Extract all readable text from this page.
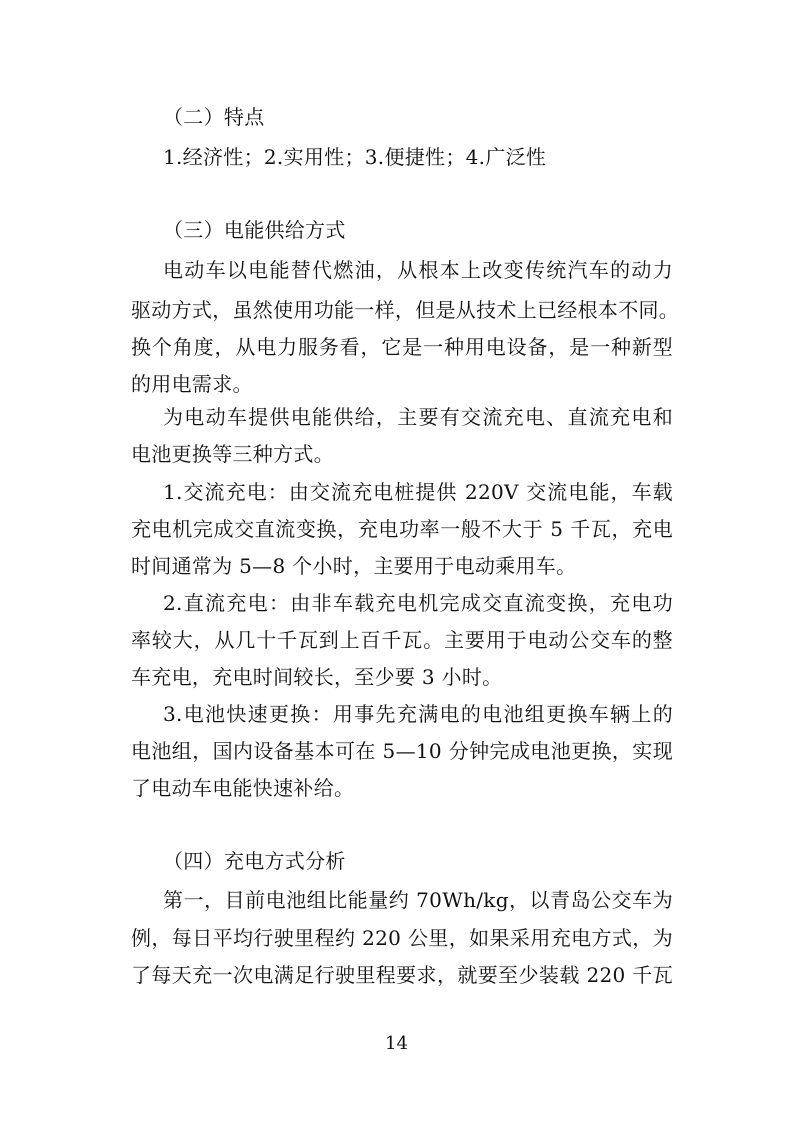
（二）特点
1.经济性；2.实用性；3.便捷性；4.广泛性
（三）电能供给方式
电动车以电能替代燃油，从根本上改变传统汽车的动力
驱动方式，虽然使用功能一样，但是从技术上已经根本不同。
换个角度，从电力服务看，它是一种用电设备，是一种新型
的用电需求。
为电动车提供电能供给，主要有交流充电、直流充电和
电池更换等三种方式。
1.交流充电：由交流充电桩提供 220V 交流电能，车载
充电机完成交直流变换，充电功率一般不大于 5 千瓦，充电
时间通常为 5—8 个小时，主要用于电动乘用车。
2.直流充电：由非车载充电机完成交直流变换，充电功
率较大，从几十千瓦到上百千瓦。主要用于电动公交车的整
车充电，充电时间较长，至少要 3 小时。
3.电池快速更换：用事先充满电的电池组更换车辆上的
电池组，国内设备基本可在 5—10 分钟完成电池更换，实现
了电动车电能快速补给。
（四）充电方式分析
第一，目前电池组比能量约 70Wh/kg，以青岛公交车为
例，每日平均行驶里程约 220 公里，如果采用充电方式，为
了每天充一次电满足行驶里程要求，就要至少装载 220 千瓦
14
